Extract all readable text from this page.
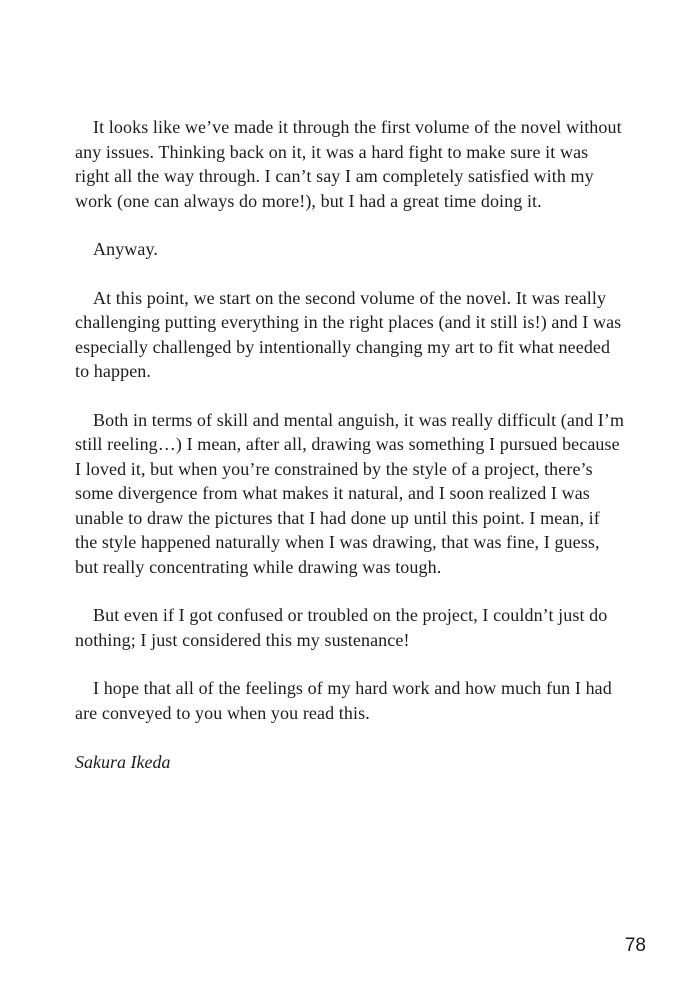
It looks like we’ve made it through the first volume of the novel without any issues. Thinking back on it, it was a hard fight to make sure it was right all the way through. I can’t say I am completely satisfied with my work (one can always do more!), but I had a great time doing it.

Anyway.

At this point, we start on the second volume of the novel. It was really challenging putting everything in the right places (and it still is!) and I was especially challenged by intentionally changing my art to fit what needed to happen.

Both in terms of skill and mental anguish, it was really difficult (and I’m still reeling…) I mean, after all, drawing was something I pursued because I loved it, but when you’re constrained by the style of a project, there’s some divergence from what makes it natural, and I soon realized I was unable to draw the pictures that I had done up until this point. I mean, if the style happened naturally when I was drawing, that was fine, I guess, but really concentrating while drawing was tough.

But even if I got confused or troubled on the project, I couldn’t just do nothing; I just considered this my sustenance!

I hope that all of the feelings of my hard work and how much fun I had are conveyed to you when you read this.

Sakura Ikeda

78
